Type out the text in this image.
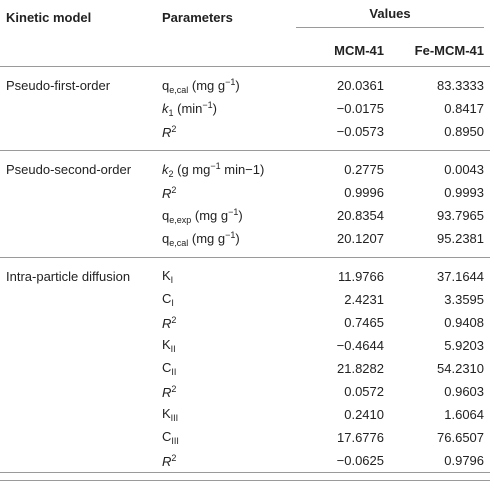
Kinetic model	Parameters	Values	

		MCM-41	Fe-MCM-41

Pseudo-first-order	$q_{e,cal}$ (mg $g^{-1}$)	20.0361	83.3333
	$k_1$ $(\min^{-1})$	−0.0175	0.8417
	$R^2$	−0.0573	0.8950

Pseudo-second-order	$k_2$ (g $mg^{-1}$ min−1)	0.2775	0.0043
	$R^2$	0.9996	0.9993
	$q_{e,exp}$ (mg $g^{-1}$)	20.8354	93.7965
	$q_{e,cal}$ (mg $g^{-1}$)	20.1207	95.2381

Intra-particle diffusion	$K_I$	11.9766	37.1644
	$C_I$	2.4231	3.3595
	$R^2$	0.7465	0.9408
	$K_{II}$	−0.4644	5.9203
	$C_{II}$	21.8282	54.2310
	$R^2$	0.0572	0.9603
	$K_{III}$	0.2410	1.6064
	$C_{III}$	17.6776	76.6507
	$R^2$	−0.0625	0.9796
